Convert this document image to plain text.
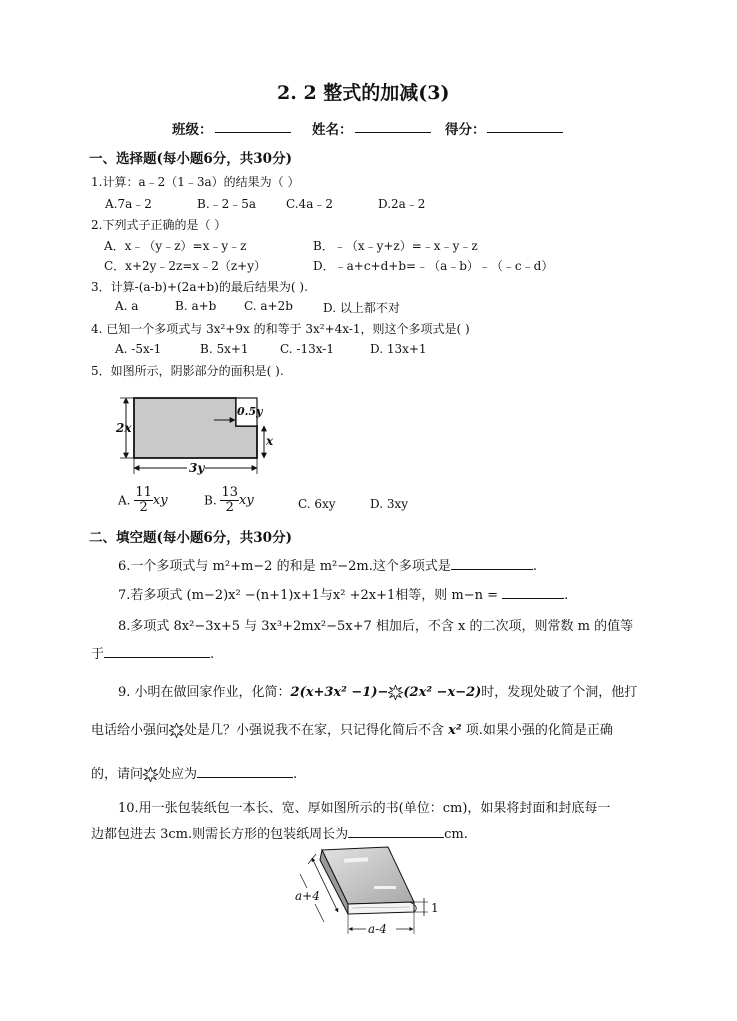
2. 2 整式的加减(3)
班级：	姓名：	得分：
一、选择题(每小题6分，共30分)
1.计算：a﹣2（1﹣3a）的结果为（ ）
A.7a﹣2	B.﹣2﹣5a C.4a﹣2	D.2a﹣2
2.下列式子正确的是（ ）
A．x﹣（y﹣z）=x﹣y﹣z	B．﹣（x﹣y+z）=﹣x﹣y﹣z
C．x+2y﹣2z=x﹣2（z+y）	D．﹣a+c+d+b=﹣（a﹣b）﹣（﹣c﹣d）
3．计算-(a-b)+(2a+b)的最后结果为( ).
A. a	B. a+b C. a+2b	D. 以上都不对
4. 已知一个多项式与 3x²+9x 的和等于 3x²+4x-1，则这个多项式是( )
A. -5x-1	B. 5x+1	C. -13x-1	D. 13x+1
5．如图所示，阴影部分的面积是( ).
2x
3y
0.5y
x
A. $\frac{11}{2}$ xy	B. $\frac{13}{2}$ xy	C. 6xy	D. 3xy
二、填空题(每小题6分，共30分)
6.一个多项式与 m²+m−2 的和是 m²−2m.这个多项式是	.
7.若多项式 (m−2)x² −(n+1)x+1与x² +2x+1相等，则 m−n =	.
8.多项式 8x²−3x+5 与 3x³+2mx²−5x+7 相加后，不含 x 的二次项，则常数 m 的值等
于	.
9. 小明在做回家作业，化简：2(x+3x² −1)− (2x² −x−2)时，发现处破了个洞，他打
电话给小强问 处是几？小强说我不在家，只记得化简后不含 x² 项.如果小强的化简是正确
的，请问 处应为	.
10.用一张包装纸包一本长、宽、厚如图所示的书(单位：cm)，如果将封面和封底每一
边都包进去 3cm.则需长方形的包装纸周长为	cm.
a+4
1
a-4
